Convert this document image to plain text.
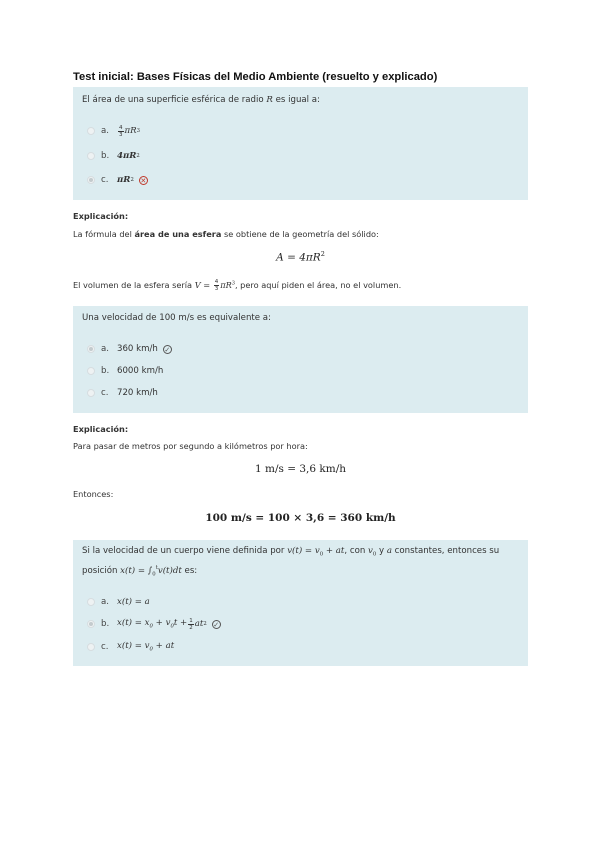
Test inicial: Bases Físicas del Medio Ambiente (resuelto y explicado)
El área de una superficie esférica de radio R es igual a:
a.	$\frac{4}{3}$ πR 3
b. 4πR 2
c. πR 2 ✕
Explicación:
La fórmula del área de una esfera se obtiene de la geometría del sólido:
$A = 4\pi R^2$
El volumen de la esfera sería $V = \frac{4}{3} \pi R^3$, pero aquí piden el área, no el volumen.
Una velocidad de 100 m/s es equivalente a:
a. 360 km/h ✓
b. 6000 km/h
c. 720 km/h
Explicación:
Para pasar de metros por segundo a kilómetros por hora:
1 m/s = 3,6 km/h
Entonces:
100 m/s = 100 × 3,6 = 360 km/h
Si la velocidad de un cuerpo viene definida por $v(t) = v_0$ + at, con $v_0$ y a constantes, entonces su
posición $x(t) = \int_0^tv(t)dt$ es:
a. x(t) = a
b. $x(t) = x_0 + v_0t + \frac{1}{2}$ at 2 ✓
c. $x(t) = v_0$ + at
